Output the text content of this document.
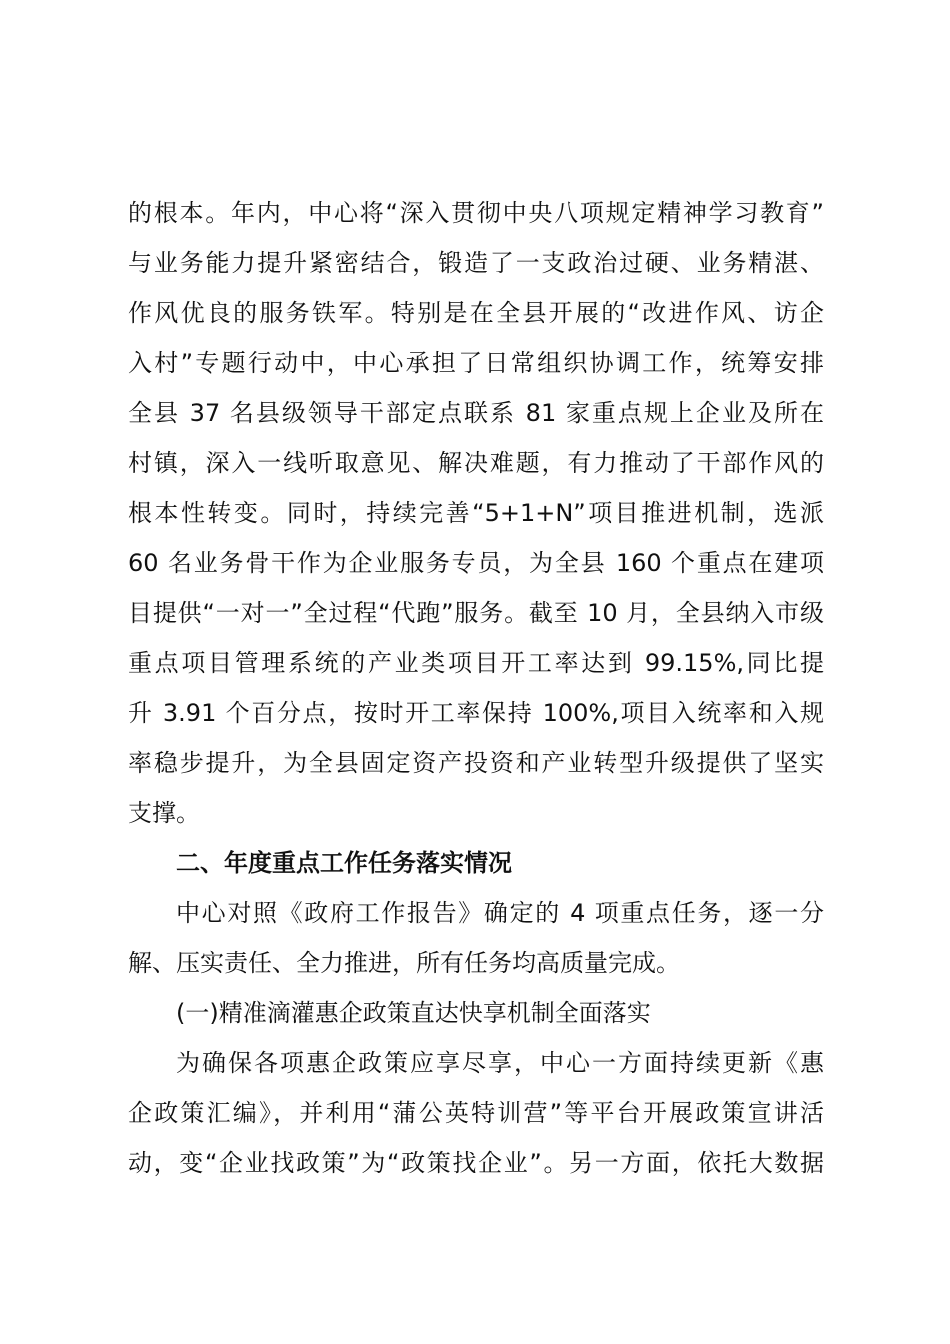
的根本。年内，中心将“深入贯彻中央八项规定精神学习教育”
与业务能力提升紧密结合，锻造了一支政治过硬、业务精湛、
作风优良的服务铁军。特别是在全县开展的“改进作风、访企
入村”专题行动中，中心承担了日常组织协调工作，统筹安排
全县 37 名县级领导干部定点联系 81 家重点规上企业及所在
村镇，深入一线听取意见、解决难题，有力推动了干部作风的
根本性转变。同时，持续完善“5+1+N”项目推进机制，选派
60 名业务骨干作为企业服务专员，为全县 160 个重点在建项
目提供“一对一”全过程“代跑”服务。截至 10 月，全县纳入市级
重点项目管理系统的产业类项目开工率达到 99.15%,同比提
升 3.91 个百分点，按时开工率保持 100%,项目入统率和入规
率稳步提升，为全县固定资产投资和产业转型升级提供了坚实
支撑。
二、年度重点工作任务落实情况
中心对照《政府工作报告》确定的 4 项重点任务，逐一分
解、压实责任、全力推进，所有任务均高质量完成。
(一)精准滴灌惠企政策直达快享机制全面落实
为确保各项惠企政策应享尽享，中心一方面持续更新《惠
企政策汇编》，并利用“蒲公英特训营”等平台开展政策宣讲活
动，变“企业找政策”为“政策找企业”。另一方面，依托大数据
